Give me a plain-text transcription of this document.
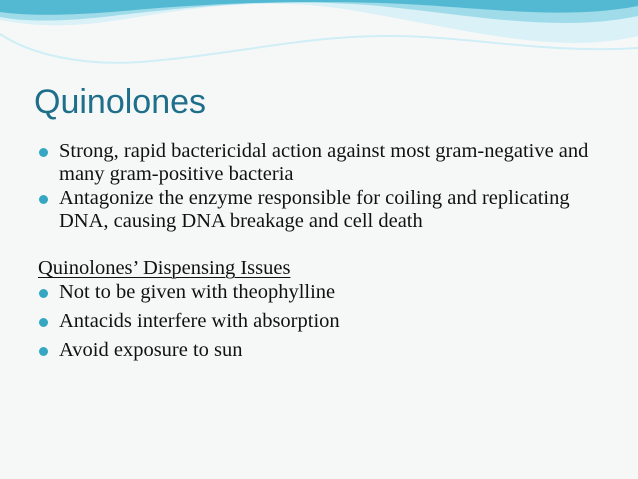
Quinolones
Strong, rapid bactericidal action against most gram-negative and many gram-positive bacteria
Antagonize the enzyme responsible for coiling and replicating DNA, causing DNA breakage and cell death
Quinolones’ Dispensing Issues
Not to be given with theophylline
Antacids interfere with absorption
Avoid exposure to sun
